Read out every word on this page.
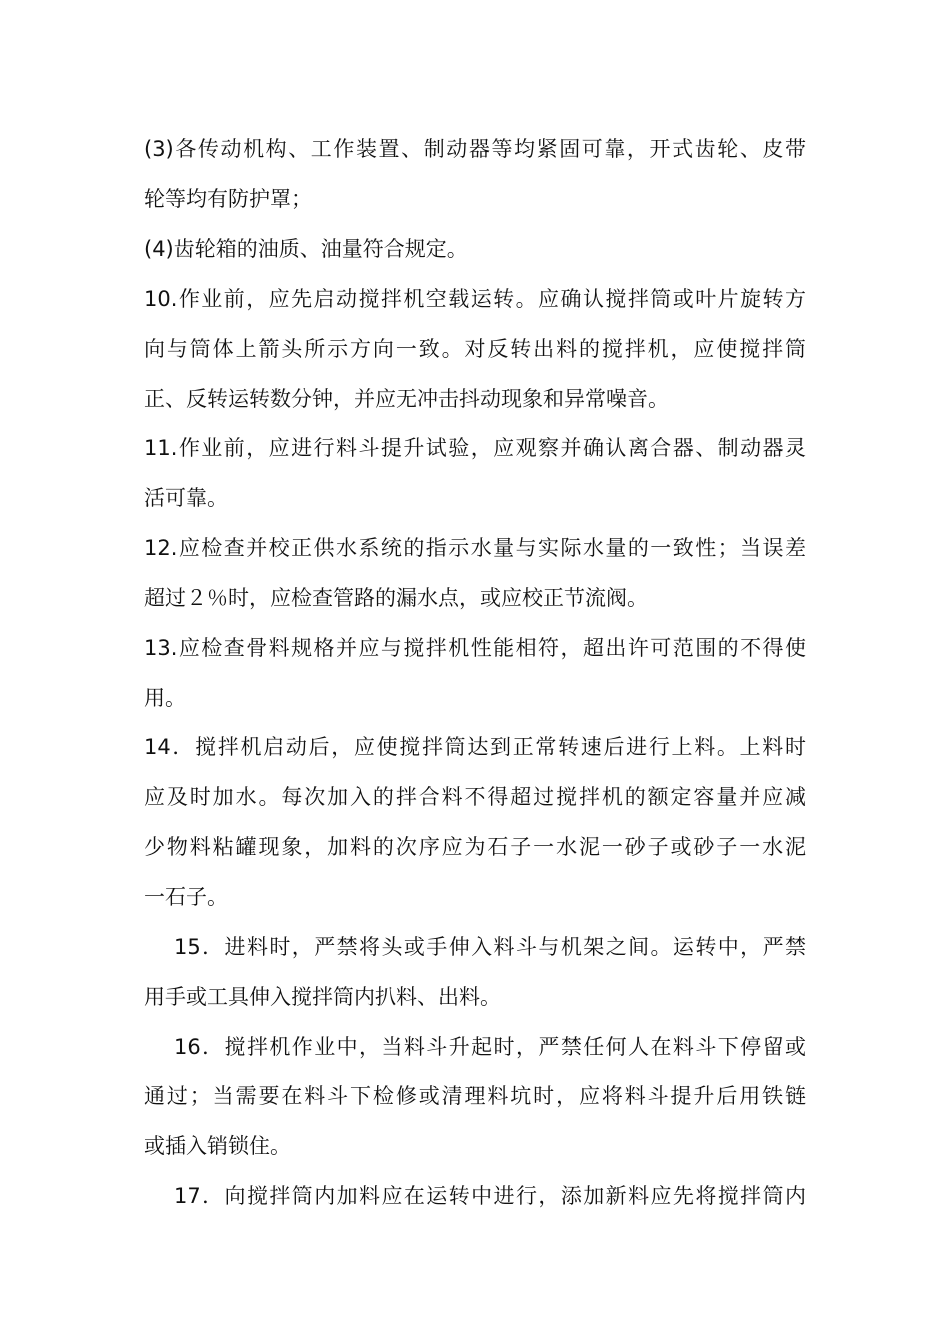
(3)各传动机构、工作装置、制动器等均紧固可靠，开式齿轮、皮带
轮等均有防护罩；
(4)齿轮箱的油质、油量符合规定。
10.作业前，应先启动搅拌机空载运转。应确认搅拌筒或叶片旋转方
向与筒体上箭头所示方向一致。对反转出料的搅拌机，应使搅拌筒
正、反转运转数分钟，并应无冲击抖动现象和异常噪音。
11.作业前，应进行料斗提升试验，应观察并确认离合器、制动器灵
活可靠。
12.应检查并校正供水系统的指示水量与实际水量的一致性；当误差
超过２％时，应检查管路的漏水点，或应校正节流阀。
13.应检查骨料规格并应与搅拌机性能相符，超出许可范围的不得使
用。
14．搅拌机启动后，应使搅拌筒达到正常转速后进行上料。上料时
应及时加水。每次加入的拌合料不得超过搅拌机的额定容量并应减
少物料粘罐现象，加料的次序应为石子一水泥一砂子或砂子一水泥
一石子。
15．进料时，严禁将头或手伸入料斗与机架之间。运转中，严禁
用手或工具伸入搅拌筒内扒料、出料。
16．搅拌机作业中，当料斗升起时，严禁任何人在料斗下停留或
通过；当需要在料斗下检修或清理料坑时，应将料斗提升后用铁链
或插入销锁住。
17．向搅拌筒内加料应在运转中进行，添加新料应先将搅拌筒内
